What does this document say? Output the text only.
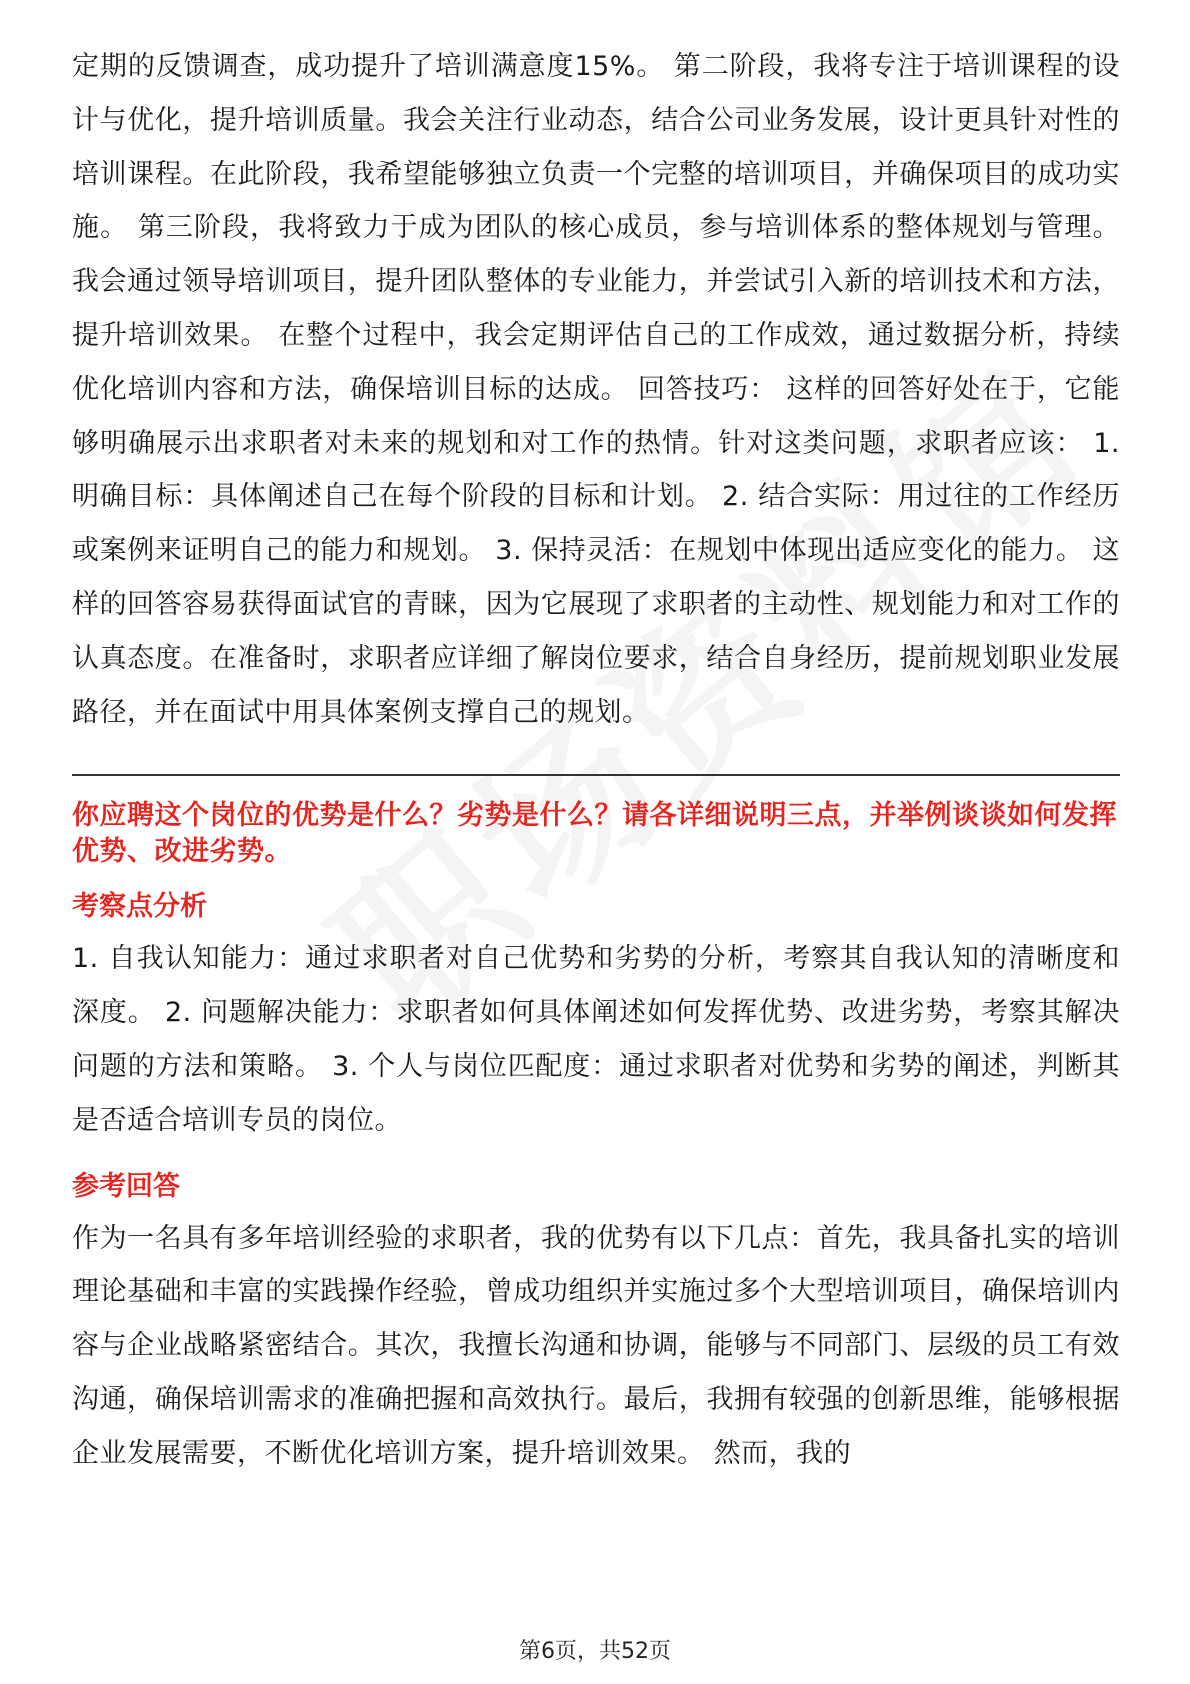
定期的反馈调查，成功提升了培训满意度15%。 第二阶段，我将专注于培训课程的设计与优化，提升培训质量。我会关注行业动态，结合公司业务发展，设计更具针对性的培训课程。在此阶段，我希望能够独立负责一个完整的培训项目，并确保项目的成功实施。 第三阶段，我将致力于成为团队的核心成员，参与培训体系的整体规划与管理。我会通过领导培训项目，提升团队整体的专业能力，并尝试引入新的培训技术和方法，提升培训效果。 在整个过程中，我会定期评估自己的工作成效，通过数据分析，持续优化培训内容和方法，确保培训目标的达成。 回答技巧： 这样的回答好处在于，它能够明确展示出求职者对未来的规划和对工作的热情。针对这类问题，求职者应该： 1. 明确目标：具体阐述自己在每个阶段的目标和计划。 2. 结合实际：用过往的工作经历或案例来证明自己的能力和规划。 3. 保持灵活：在规划中体现出适应变化的能力。 这样的回答容易获得面试官的青睐，因为它展现了求职者的主动性、规划能力和对工作的认真态度。在准备时，求职者应详细了解岗位要求，结合自身经历，提前规划职业发展路径，并在面试中用具体案例支撑自己的规划。

你应聘这个岗位的优势是什么？劣势是什么？请各详细说明三点，并举例谈谈如何发挥优势、改进劣势。

考察点分析

1. 自我认知能力：通过求职者对自己优势和劣势的分析，考察其自我认知的清晰度和深度。 2. 问题解决能力：求职者如何具体阐述如何发挥优势、改进劣势，考察其解决问题的方法和策略。 3. 个人与岗位匹配度：通过求职者对优势和劣势的阐述，判断其是否适合培训专员的岗位。

参考回答

作为一名具有多年培训经验的求职者，我的优势有以下几点：首先，我具备扎实的培训理论基础和丰富的实践操作经验，曾成功组织并实施过多个大型培训项目，确保培训内容与企业战略紧密结合。其次，我擅长沟通和协调，能够与不同部门、层级的员工有效沟通，确保培训需求的准确把握和高效执行。最后，我拥有较强的创新思维，能够根据企业发展需要，不断优化培训方案，提升培训效果。 然而，我的

第6页，共52页
